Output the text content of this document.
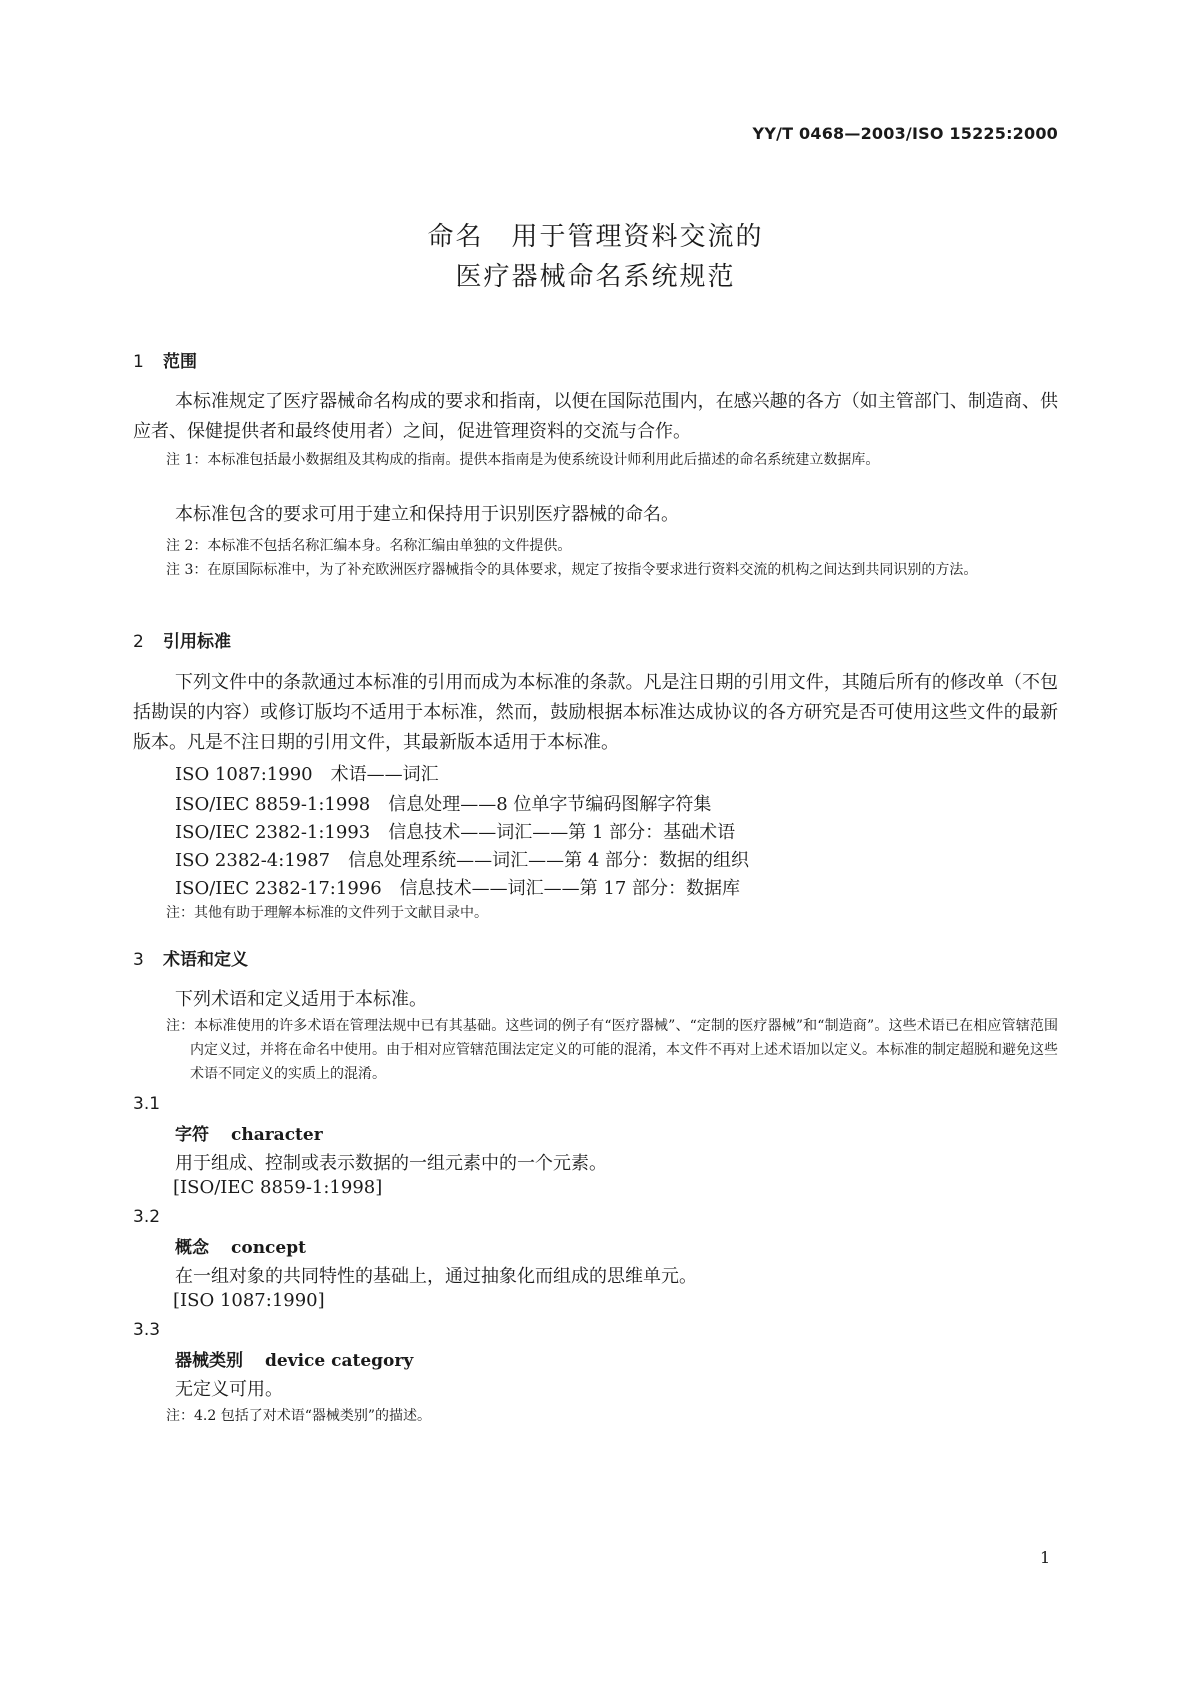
YY/T 0468—2003/ISO 15225:2000
命名　用于管理资料交流的
医疗器械命名系统规范
1 范围
本标准规定了医疗器械命名构成的要求和指南，以便在国际范围内，在感兴趣的各方（如主管部门、制造商、供应者、保健提供者和最终使用者）之间，促进管理资料的交流与合作。
注 1：本标准包括最小数据组及其构成的指南。提供本指南是为使系统设计师利用此后描述的命名系统建立数据库。
本标准包含的要求可用于建立和保持用于识别医疗器械的命名。
注 2：本标准不包括名称汇编本身。名称汇编由单独的文件提供。
注 3：在原国际标准中，为了补充欧洲医疗器械指令的具体要求，规定了按指令要求进行资料交流的机构之间达到共同识别的方法。
2 引用标准
下列文件中的条款通过本标准的引用而成为本标准的条款。凡是注日期的引用文件，其随后所有的修改单（不包括勘误的内容）或修订版均不适用于本标准，然而，鼓励根据本标准达成协议的各方研究是否可使用这些文件的最新版本。凡是不注日期的引用文件，其最新版本适用于本标准。
ISO 1087:1990　术语——词汇
ISO/IEC 8859-1:1998　信息处理——8 位单字节编码图解字符集
ISO/IEC 2382-1:1993　信息技术——词汇——第 1 部分：基础术语
ISO 2382-4:1987　信息处理系统——词汇——第 4 部分：数据的组织
ISO/IEC 2382-17:1996　信息技术——词汇——第 17 部分：数据库
注：其他有助于理解本标准的文件列于文献目录中。
3 术语和定义
下列术语和定义适用于本标准。
注：本标准使用的许多术语在管理法规中已有其基础。这些词的例子有“医疗器械”、“定制的医疗器械”和“制造商”。这些术语已在相应管辖范围内定义过，并将在命名中使用。由于相对应管辖范围法定定义的可能的混淆，本文件不再对上述术语加以定义。本标准的制定超脱和避免这些术语不同定义的实质上的混淆。
3.1
字符 character
用于组成、控制或表示数据的一组元素中的一个元素。
[ISO/IEC 8859-1:1998]
3.2
概念 concept
在一组对象的共同特性的基础上，通过抽象化而组成的思维单元。
[ISO 1087:1990]
3.3
器械类别 device category
无定义可用。
注：4.2 包括了对术语“器械类别”的描述。
1
